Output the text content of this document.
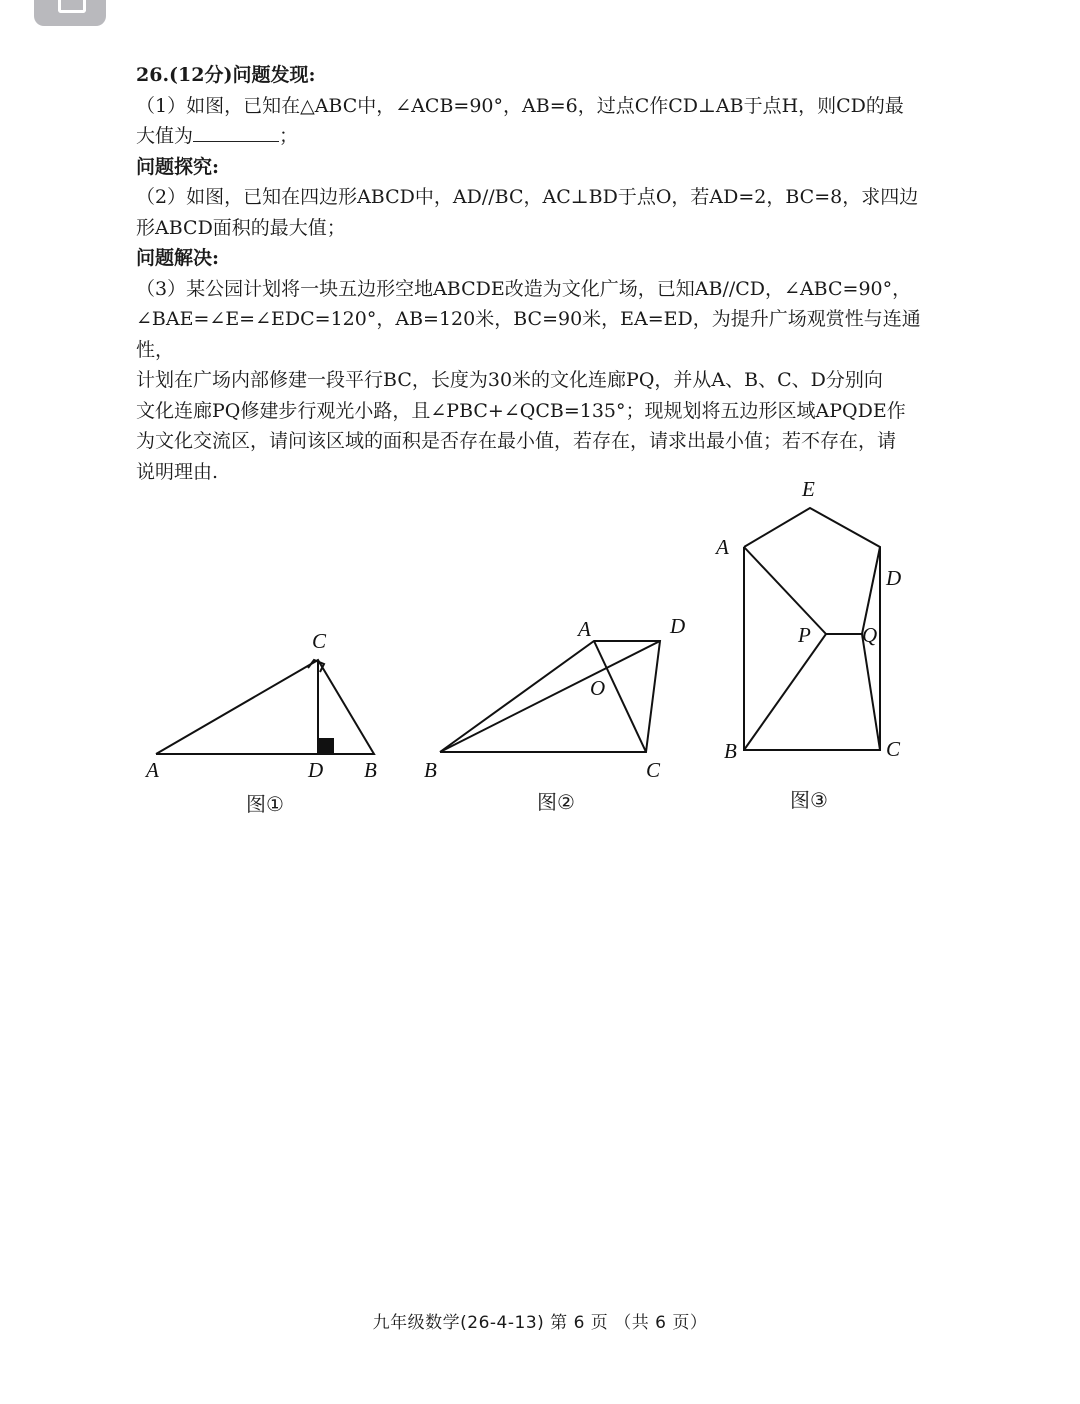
26.(12分)问题发现:

（1）如图，已知在△ABC中，∠ACB=90°，AB=6，过点C作CD⊥AB于点H，则CD的最

大值为	；

问题探究:

（2）如图，已知在四边形ABCD中，AD//BC，AC⊥BD于点O，若AD=2，BC=8，求四边

形ABCD面积的最大值；

问题解决:

（3）某公园计划将一块五边形空地ABCDE改造为文化广场，已知AB//CD，∠ABC=90°，

∠BAE=∠E=∠EDC=120°，AB=120米，BC=90米，EA=ED，为提升广场观赏性与连通性，

计划在广场内部修建一段平行BC，长度为30米的文化连廊PQ，并从A、B、C、D分别向

文化连廊PQ修建步行观光小路，且∠PBC+∠QCB=135°；现规划将五边形区域APQDE作

为文化交流区，请问该区域的面积是否存在最小值，若存在，请求出最小值；若不存在，请

说明理由.

A	B
C
D
A
B	C
D
O
E
A
D
P Q
B	C
图①	图②	图③
九年级数学(26-4-13) 第 6 页 （共 6 页）
